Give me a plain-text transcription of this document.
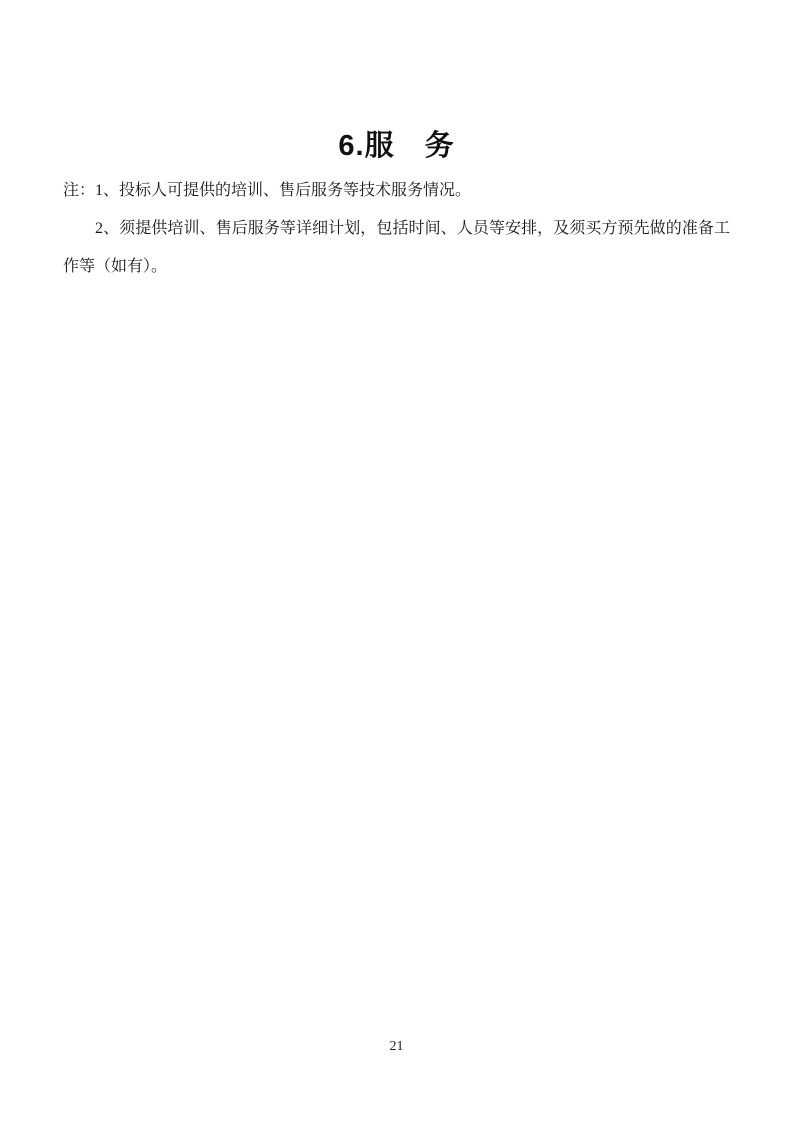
6.服　务

注：1、投标人可提供的培训、售后服务等技术服务情况。

2、须提供培训、售后服务等详细计划，包括时间、人员等安排，及须买方预先做的准备工作等（如有）。

21
